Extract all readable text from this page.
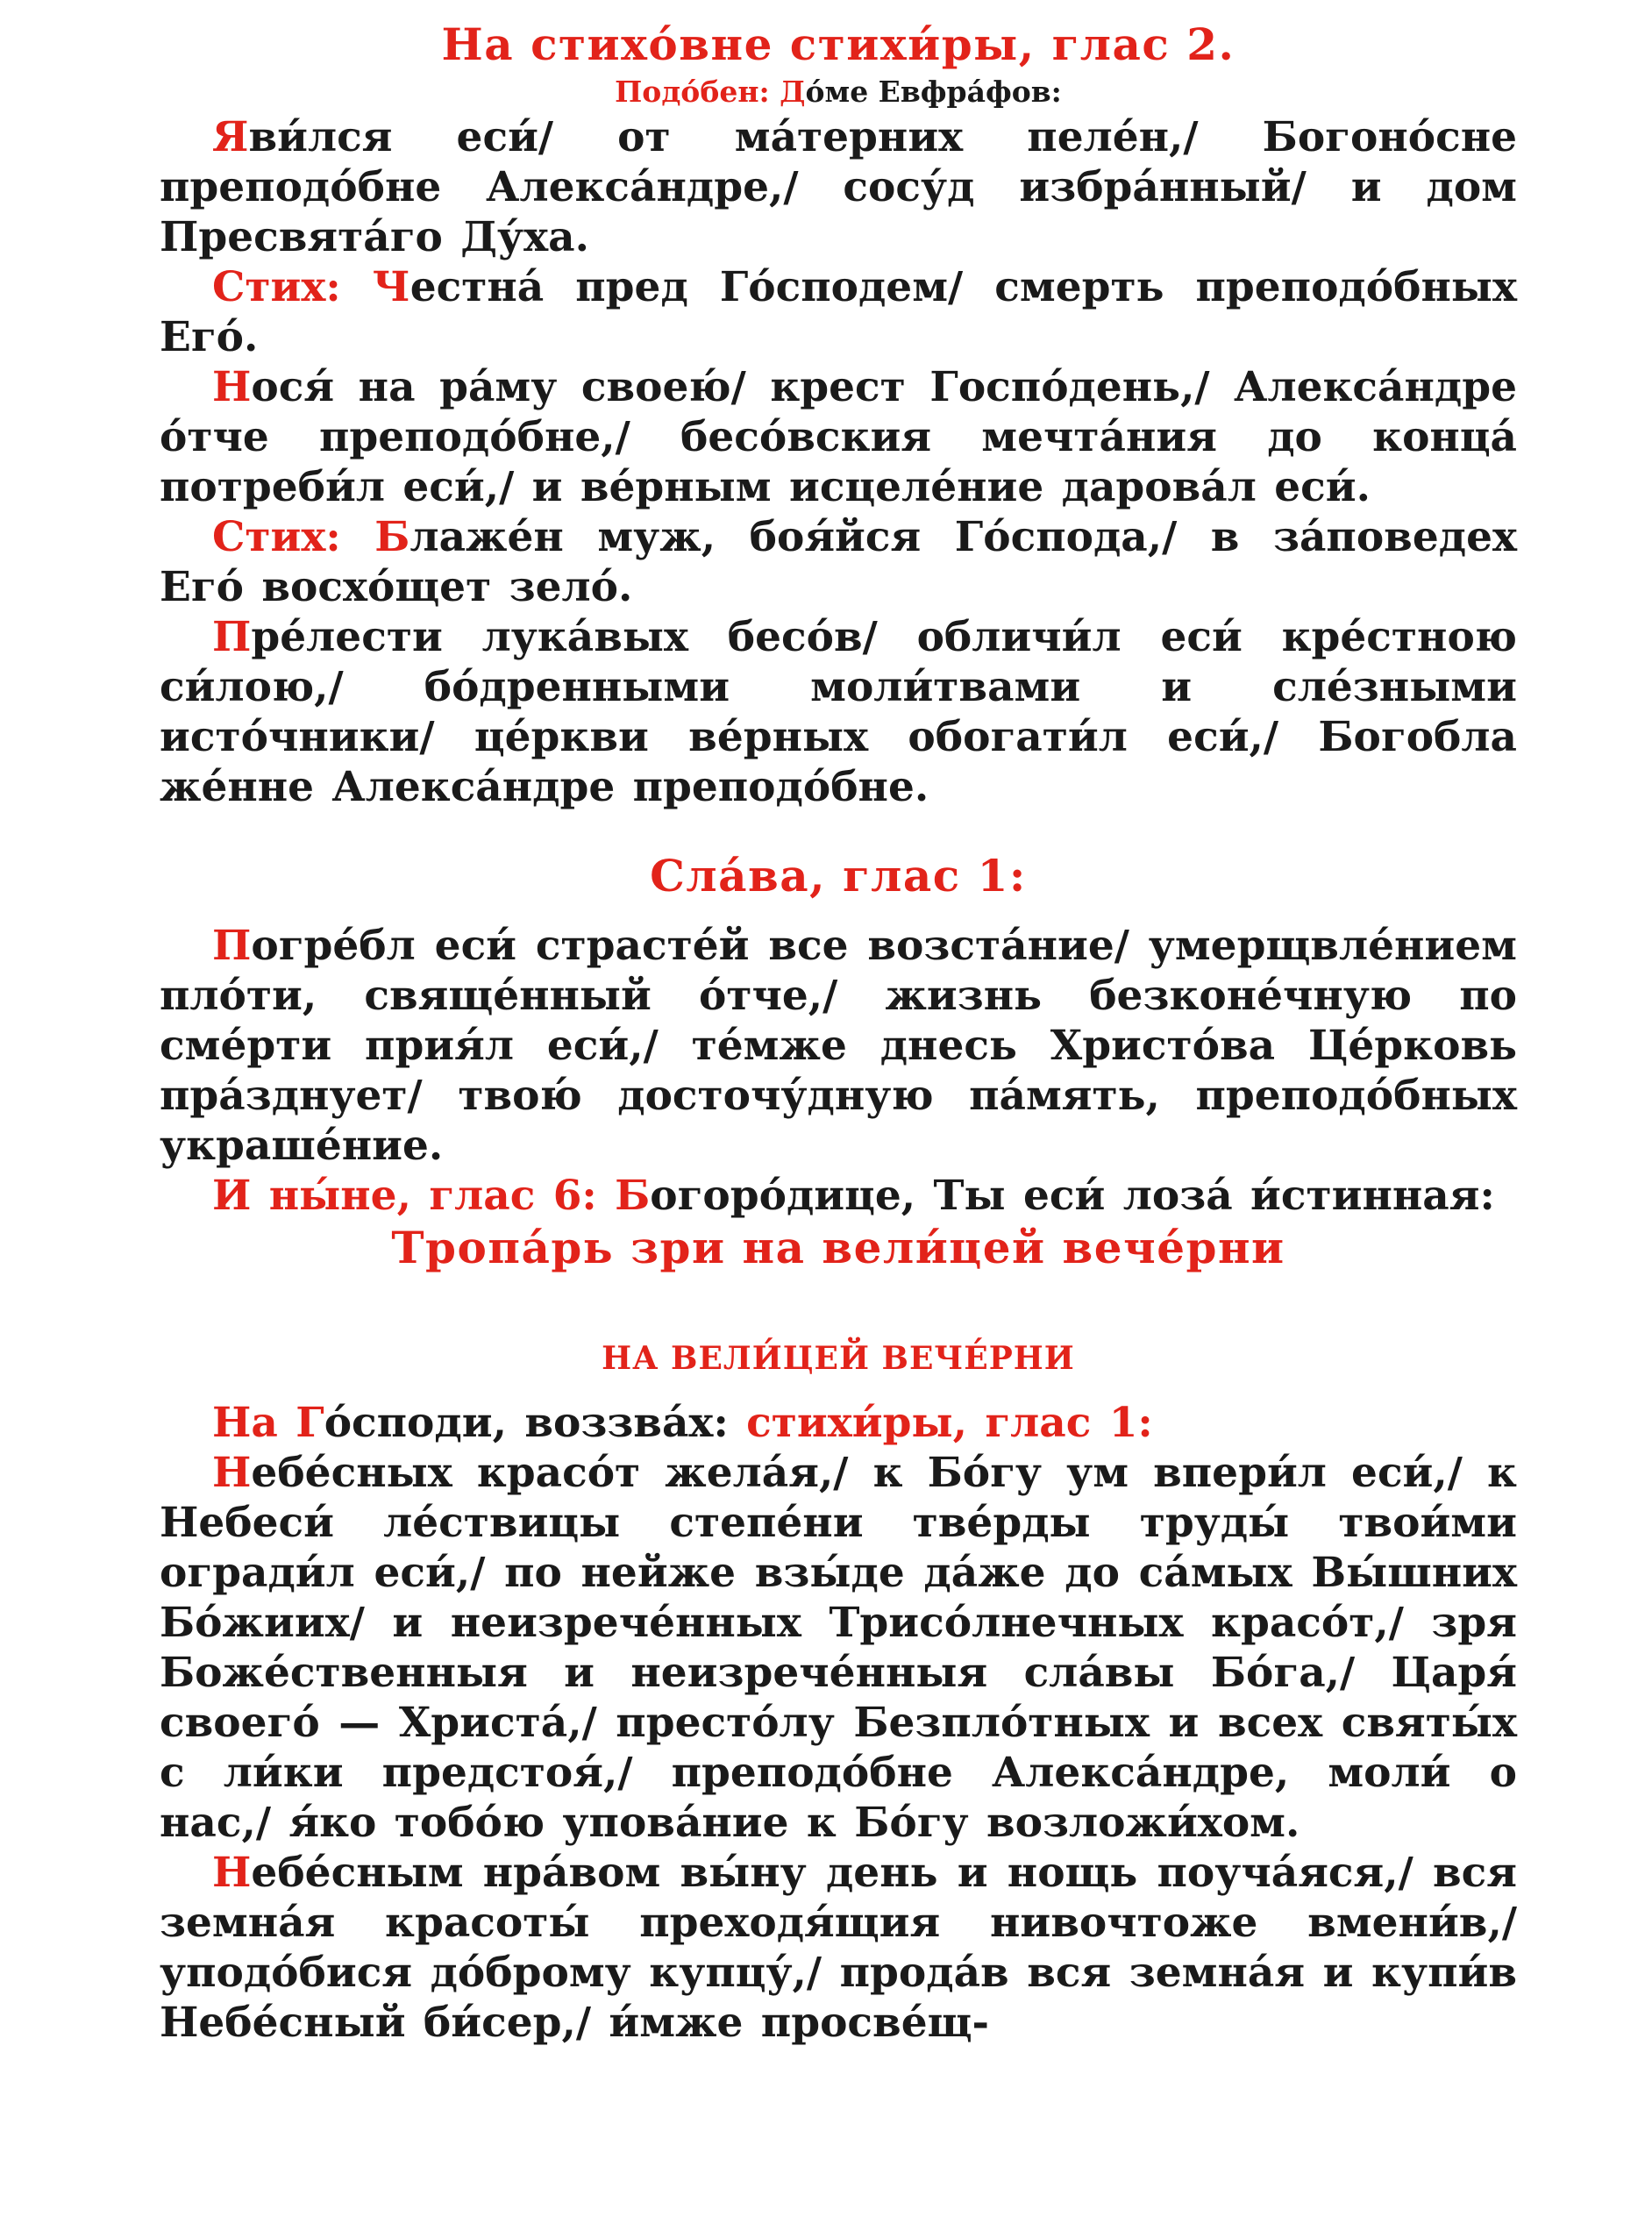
На стихо́вне стихи́ры, глас 2.

Подо́бен: До́ме Евфра́фов:

Яви́лся еси́/ от ма́терних пеле́н,/ Богоно́сне преподо́бне Алекса́ндре,/ сосу́д избра́нный/ и дом Пресвята́го Ду́ха.

Стих: Честна́ пред Го́сподем/ смерть преподо́бных Его́.

Нося́ на ра́му своею́/ крест Госпо́день,/ Алекса́ндре о́тче преподо́бне,/ бесо́вския мечта́ния до конца́ потреби́л еси́,/ и ве́рным исцеле́ние дарова́л еси́.

Стих: Блаже́н муж, боя́йся Го́спода,/ в за́поведех Его́ восхо́щет зело́.

Пре́лести лука́вых бесо́в/ обличи́л еси́ кре́стною си́лою,/ бо́дренными моли́твами и сле́зными исто́чники/ це́ркви ве́рных обогати́л еси́,/ Богобла же́нне Алекса́ндре преподо́бне.

Сла́ва, глас 1:

Погре́бл еси́ страсте́й все возста́ние/ умерщвле́нием пло́ти, свяще́нный о́тче,/ жизнь безконе́чную по сме́рти прия́л еси́,/ те́мже днесь Христо́ва Це́рковь пра́зднует/ твою́ досточу́дную па́мять, преподо́бных украше́ние.

И ны́не, глас 6: Богоро́дице, Ты еси́ лоза́ и́стинная:

Тропа́рь зри на вели́цей вече́рни

НА ВЕЛИ́ЦЕЙ ВЕЧЕ́РНИ

На Го́споди, воззва́х: стихи́ры, глас 1:

Небе́сных красо́т жела́я,/ к Бо́гу ум впери́л еси́,/ к Небеси́ ле́ствицы степе́ни тве́рды труды́ твои́ми огради́л еси́,/ по нейже взы́де да́же до са́мых Вы́шних Бо́жиих/ и неизрече́нных Трисо́лнечных красо́т,/ зря Боже́ственныя и неизрече́нныя сла́вы Бо́га,/ Царя́ своего́ — Христа́,/ престо́лу Безпло́тных и всех святы́х с ли́ки предстоя́,/ преподо́бне Алекса́ндре, моли́ о нас,/ я́ко тобо́ю упова́ние к Бо́гу возложи́хом.

Небе́сным нра́вом вы́ну день и нощь поуча́яся,/ вся земна́я красоты́ преходя́щия нивочтоже вмени́в,/ уподо́бися до́брому купцу́,/ прода́в вся земна́я и купи́в Небе́сный би́сер,/ и́мже просве́щ-
